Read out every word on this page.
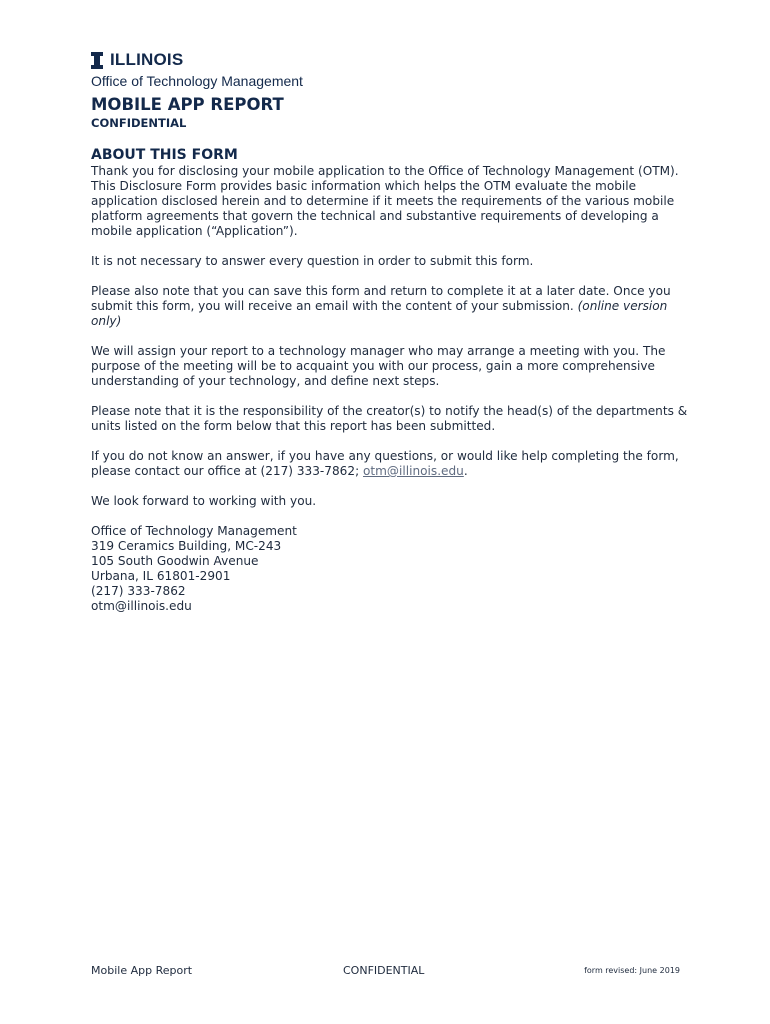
ILLINOIS
Office of Technology Management
MOBILE APP REPORT
CONFIDENTIAL
ABOUT THIS FORM

Thank you for disclosing your mobile application to the Office of Technology Management (OTM). This Disclosure Form provides basic information which helps the OTM evaluate the mobile application disclosed herein and to determine if it meets the requirements of the various mobile platform agreements that govern the technical and substantive requirements of developing a mobile application (“Application”).

It is not necessary to answer every question in order to submit this form.

Please also note that you can save this form and return to complete it at a later date. Once you submit this form, you will receive an email with the content of your submission. (online version only)

We will assign your report to a technology manager who may arrange a meeting with you. The purpose of the meeting will be to acquaint you with our process, gain a more comprehensive understanding of your technology, and define next steps.

Please note that it is the responsibility of the creator(s) to notify the head(s) of the departments & units listed on the form below that this report has been submitted.

If you do not know an answer, if you have any questions, or would like help completing the form, please contact our office at (217) 333-7862; otm@illinois.edu.

We look forward to working with you.

Office of Technology Management
319 Ceramics Building, MC-243
105 South Goodwin Avenue
Urbana, IL 61801-2901
(217) 333-7862
otm@illinois.edu
Mobile App Report	CONFIDENTIAL	form revised: June 2019
